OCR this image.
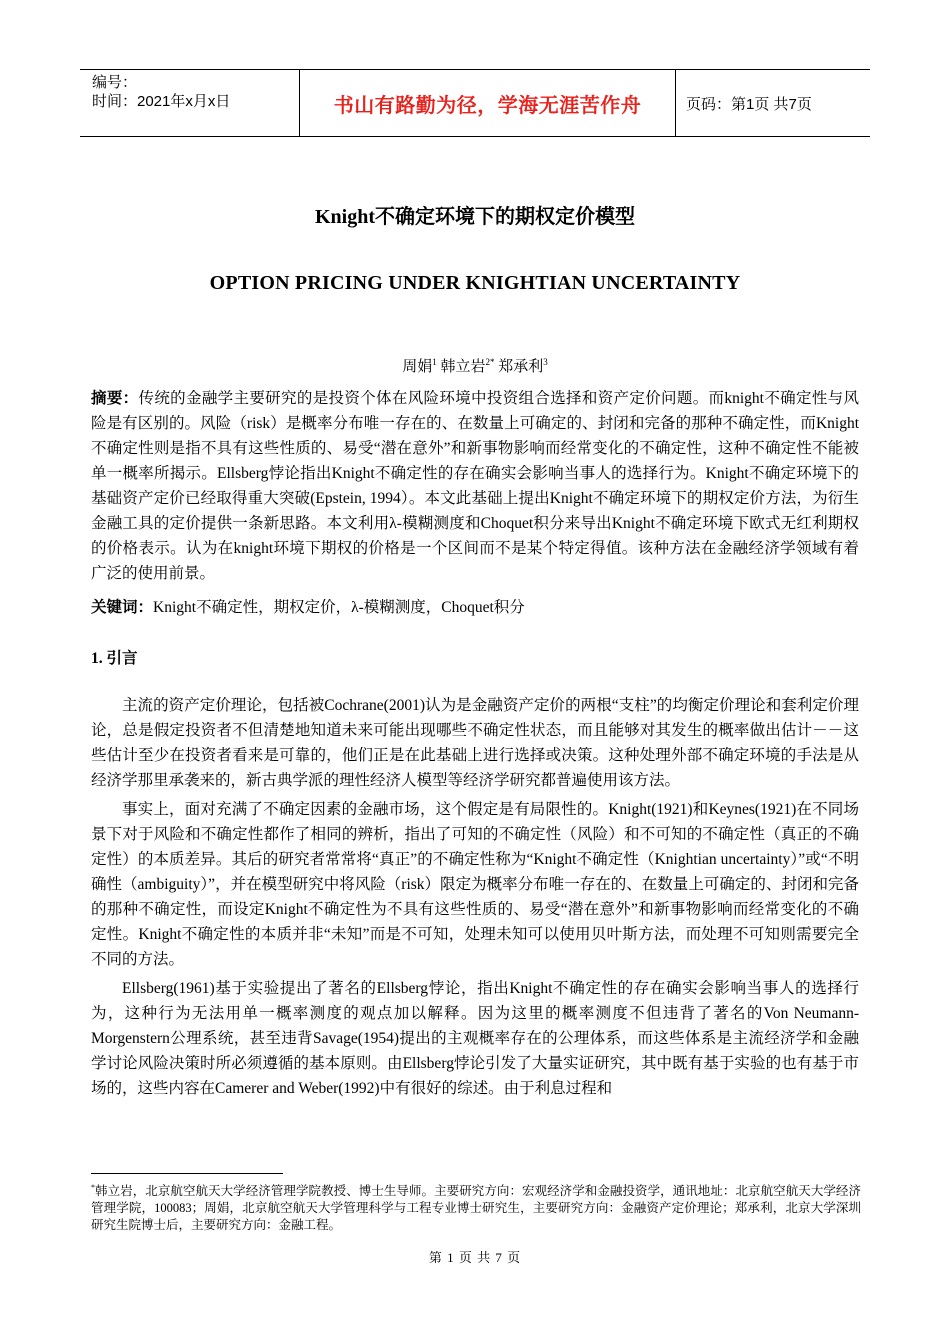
编号：
时间：2021年x月x日	书山有路勤为径，学海无涯苦作舟	页码：第1页 共7页
Knight不确定环境下的期权定价模型
OPTION PRICING UNDER KNIGHTIAN UNCERTAINTY
周娟$^1$ 韩立岩$^{2*}$ 郑承利$^3$
摘要：传统的金融学主要研究的是投资个体在风险环境中投资组合选择和资产定价问题。而knight不确定性与风险是有区别的。风险（risk）是概率分布唯一存在的、在数量上可确定的、封闭和完备的那种不确定性，而Knight不确定性则是指不具有这些性质的、易受“潜在意外”和新事物影响而经常变化的不确定性，这种不确定性不能被单一概率所揭示。Ellsberg悖论指出Knight不确定性的存在确实会影响当事人的选择行为。Knight不确定环境下的基础资产定价已经取得重大突破(Epstein, 1994）。本文此基础上提出Knight不确定环境下的期权定价方法，为衍生金融工具的定价提供一条新思路。本文利用λ-模糊测度和Choquet积分来导出Knight不确定环境下欧式无红利期权的价格表示。认为在knight环境下期权的价格是一个区间而不是某个特定得值。该种方法在金融经济学领域有着广泛的使用前景。
关键词：Knight不确定性，期权定价，λ-模糊测度，Choquet积分
1. 引言

主流的资产定价理论，包括被Cochrane(2001)认为是金融资产定价的两根“支柱”的均衡定价理论和套利定价理论，总是假定投资者不但清楚地知道未来可能出现哪些不确定性状态，而且能够对其发生的概率做出估计－－这些估计至少在投资者看来是可靠的，他们正是在此基础上进行选择或决策。这种处理外部不确定环境的手法是从经济学那里承袭来的，新古典学派的理性经济人模型等经济学研究都普遍使用该方法。

事实上，面对充满了不确定因素的金融市场，这个假定是有局限性的。Knight(1921)和Keynes(1921)在不同场景下对于风险和不确定性都作了相同的辨析，指出了可知的不确定性（风险）和不可知的不确定性（真正的不确定性）的本质差异。其后的研究者常常将“真正”的不确定性称为“Knight不确定性（Knightian uncertainty）”或“不明确性（ambiguity）”，并在模型研究中将风险（risk）限定为概率分布唯一存在的、在数量上可确定的、封闭和完备的那种不确定性，而设定Knight不确定性为不具有这些性质的、易受“潜在意外”和新事物影响而经常变化的不确定性。Knight不确定性的本质并非“未知”而是不可知，处理未知可以使用贝叶斯方法，而处理不可知则需要完全不同的方法。

Ellsberg(1961)基于实验提出了著名的Ellsberg悖论，指出Knight不确定性的存在确实会影响当事人的选择行为，这种行为无法用单一概率测度的观点加以解释。因为这里的概率测度不但违背了著名的Von Neumann-Morgenstern公理系统，甚至违背Savage(1954)提出的主观概率存在的公理体系，而这些体系是主流经济学和金融学讨论风险决策时所必须遵循的基本原则。由Ellsberg悖论引发了大量实证研究，其中既有基于实验的也有基于市场的，这些内容在Camerer and Weber(1992)中有很好的综述。由于利息过程和

*韩立岩，北京航空航天大学经济管理学院教授、博士生导师。主要研究方向：宏观经济学和金融投资学，通讯地址：北京航空航天大学经济管理学院，100083；周娟，北京航空航天大学管理科学与工程专业博士研究生，主要研究方向：金融资产定价理论；郑承利，北京大学深圳研究生院博士后，主要研究方向：金融工程。
第 1 页 共 7 页
